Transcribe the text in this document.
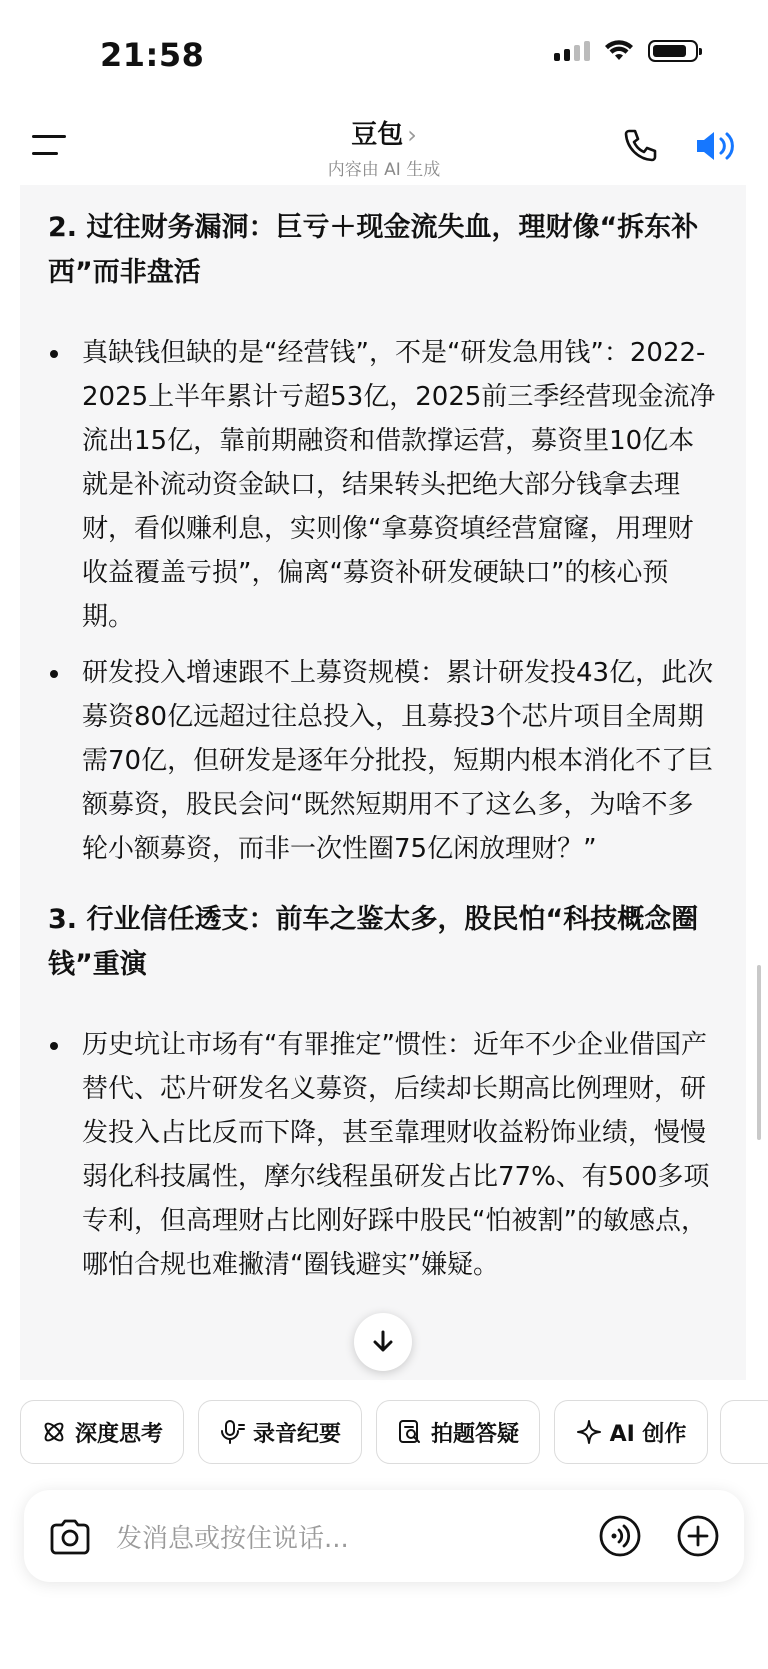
21:58
豆包 ›
内容由 AI 生成
2. 过往财务漏洞：巨亏＋现金流失血，理财像“拆东补西”而非盘活
真缺钱但缺的是“经营钱”，不是“研发急用钱”：2022-2025上半年累计亏超53亿，2025前三季经营现金流净流出15亿，靠前期融资和借款撑运营，募资里10亿本就是补流动资金缺口，结果转头把绝大部分钱拿去理财，看似赚利息，实则像“拿募资填经营窟窿，用理财收益覆盖亏损”，偏离“募资补研发硬缺口”的核心预期。
研发投入增速跟不上募资规模：累计研发投43亿，此次募资80亿远超过往总投入，且募投3个芯片项目全周期需70亿，但研发是逐年分批投，短期内根本消化不了巨额募资，股民会问“既然短期用不了这么多，为啥不多轮小额募资，而非一次性圈75亿闲放理财？”
3. 行业信任透支：前车之鉴太多，股民怕“科技概念圈钱”重演
历史坑让市场有“有罪推定”惯性：近年不少企业借国产替代、芯片研发名义募资，后续却长期高比例理财，研发投入占比反而下降，甚至靠理财收益粉饰业绩，慢慢弱化科技属性，摩尔线程虽研发占比77%、有500多项专利，但高理财占比刚好踩中股民“怕被割”的敏感点，哪怕合规也难撇清“圈钱避实”嫌疑。
深度思考	录音纪要	拍题答疑	AI 创作
发消息或按住说话...
